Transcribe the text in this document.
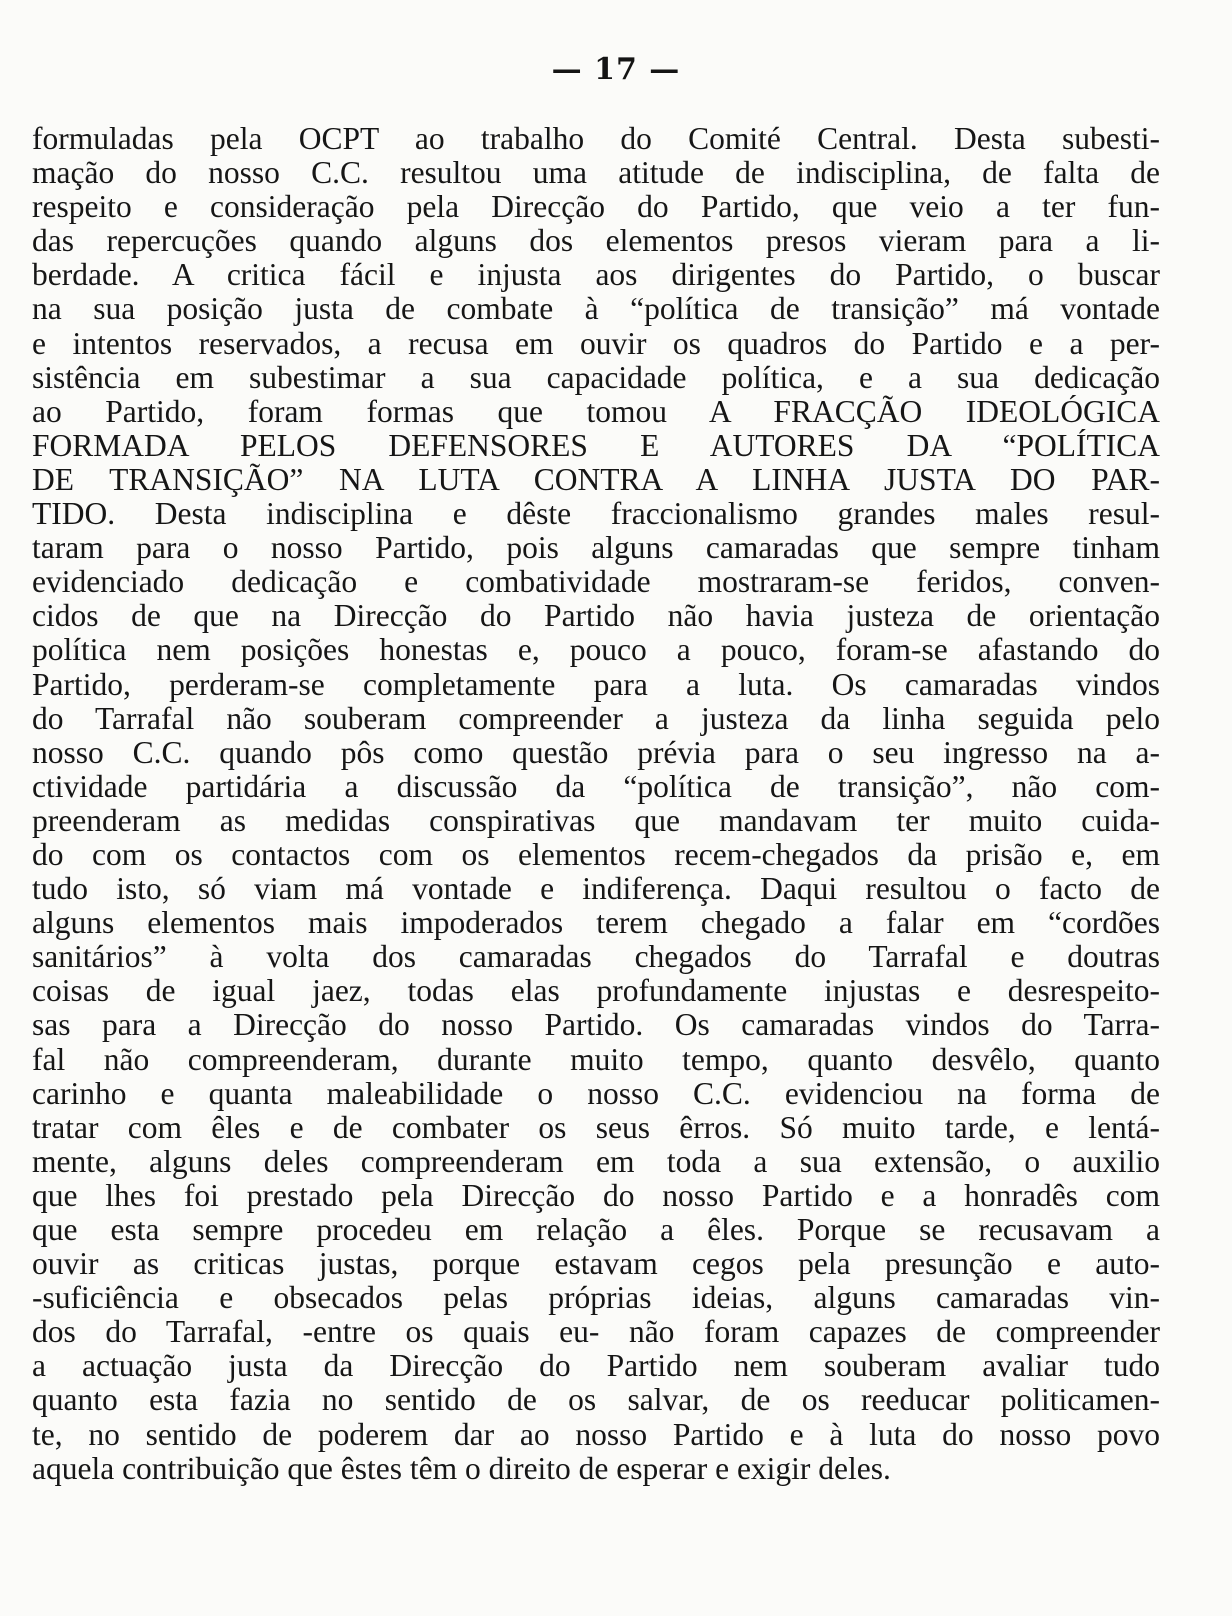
— 17 —
formuladas pela OCPT ao trabalho do Comité Central. Desta subesti-
mação do nosso C.C. resultou uma atitude de indisciplina, de falta de
respeito e consideração pela Direcção do Partido, que veio a ter fun-
das repercuções quando alguns dos elementos presos vieram para a li-
berdade. A critica fácil e injusta aos dirigentes do Partido, o buscar
na sua posição justa de combate à “política de transição” má vontade
e intentos reservados, a recusa em ouvir os quadros do Partido e a per-
sistência em subestimar a sua capacidade política, e a sua dedicação
ao Partido, foram formas que tomou A FRACÇÃO IDEOLÓGICA
FORMADA PELOS DEFENSORES E AUTORES DA “POLÍTICA
DE TRANSIÇÃO” NA LUTA CONTRA A LINHA JUSTA DO PAR-
TIDO. Desta indisciplina e dêste fraccionalismo grandes males resul-
taram para o nosso Partido, pois alguns camaradas que sempre tinham
evidenciado dedicação e combatividade mostraram-se feridos, conven-
cidos de que na Direcção do Partido não havia justeza de orientação
política nem posições honestas e, pouco a pouco, foram-se afastando do
Partido, perderam-se completamente para a luta. Os camaradas vindos
do Tarrafal não souberam compreender a justeza da linha seguida pelo
nosso C.C. quando pôs como questão prévia para o seu ingresso na a-
ctividade partidária a discussão da “política de transição”, não com-
preenderam as medidas conspirativas que mandavam ter muito cuida-
do com os contactos com os elementos recem-chegados da prisão e, em
tudo isto, só viam má vontade e indiferença. Daqui resultou o facto de
alguns elementos mais impoderados terem chegado a falar em “cordões
sanitários” à volta dos camaradas chegados do Tarrafal e doutras
coisas de igual jaez, todas elas profundamente injustas e desrespeito-
sas para a Direcção do nosso Partido. Os camaradas vindos do Tarra-
fal não compreenderam, durante muito tempo, quanto desvêlo, quanto
carinho e quanta maleabilidade o nosso C.C. evidenciou na forma de
tratar com êles e de combater os seus êrros. Só muito tarde, e lentá-
mente, alguns deles compreenderam em toda a sua extensão, o auxilio
que lhes foi prestado pela Direcção do nosso Partido e a honradês com
que esta sempre procedeu em relação a êles. Porque se recusavam a
ouvir as criticas justas, porque estavam cegos pela presunção e auto-
-suficiência e obsecados pelas próprias ideias, alguns camaradas vin-
dos do Tarrafal, -entre os quais eu- não foram capazes de compreender
a actuação justa da Direcção do Partido nem souberam avaliar tudo
quanto esta fazia no sentido de os salvar, de os reeducar politicamen-
te, no sentido de poderem dar ao nosso Partido e à luta do nosso povo
aquela contribuição que êstes têm o direito de esperar e exigir deles.
